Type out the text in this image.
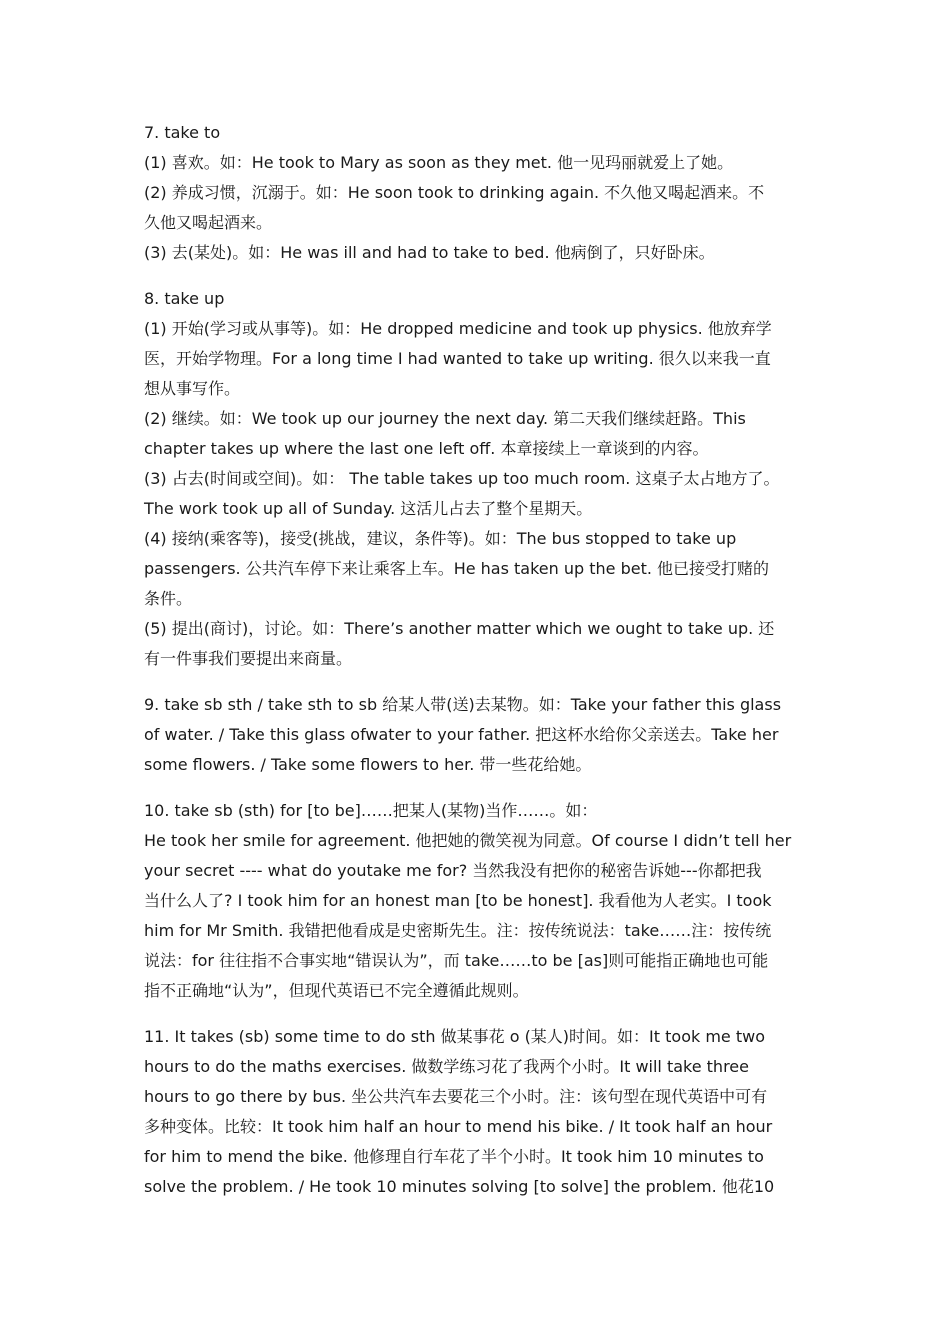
7. take to
(1) 喜欢。如：He took to Mary as soon as they met. 他一见玛丽就爱上了她。
(2) 养成习惯，沉溺于。如：He soon took to drinking again. 不久他又喝起酒来。不
久他又喝起酒来。
(3) 去(某处)。如：He was ill and had to take to bed. 他病倒了，只好卧床。
8. take up
(1) 开始(学习或从事等)。如：He dropped medicine and took up physics. 他放弃学
医，开始学物理。For a long time I had wanted to take up writing. 很久以来我一直
想从事写作。
(2) 继续。如：We took up our journey the next day. 第二天我们继续赶路。This
chapter takes up where the last one left off. 本章接续上一章谈到的内容。
(3) 占去(时间或空间)。如： The table takes up too much room. 这桌子太占地方了。
The work took up all of Sunday. 这活儿占去了整个星期天。
(4) 接纳(乘客等)，接受(挑战，建议，条件等)。如：The bus stopped to take up
passengers. 公共汽车停下来让乘客上车。He has taken up the bet. 他已接受打赌的
条件。
(5) 提出(商讨)，讨论。如：There’s another matter which we ought to take up. 还
有一件事我们要提出来商量。
9. take sb sth / take sth to sb 给某人带(送)去某物。如：Take your father this glass
of water. / Take this glass ofwater to your father. 把这杯水给你父亲送去。Take her
some flowers. / Take some flowers to her. 带一些花给她。
10. take sb (sth) for [to be]……把某人(某物)当作……。如：
He took her smile for agreement. 他把她的微笑视为同意。Of course I didn’t tell her
your secret ---- what do youtake me for? 当然我没有把你的秘密告诉她---你都把我
当什么人了? I took him for an honest man [to be honest]. 我看他为人老实。I took
him for Mr Smith. 我错把他看成是史密斯先生。注：按传统说法：take……注：按传统
说法：for 往往指不合事实地“错误认为”，而 take……to be [as]则可能指正确地也可能
指不正确地“认为”，但现代英语已不完全遵循此规则。
11. It takes (sb) some time to do sth 做某事花 o (某人)时间。如：It took me two
hours to do the maths exercises. 做数学练习花了我两个小时。It will take three
hours to go there by bus. 坐公共汽车去要花三个小时。注：该句型在现代英语中可有
多种变体。比较：It took him half an hour to mend his bike. / It took half an hour
for him to mend the bike. 他修理自行车花了半个小时。It took him 10 minutes to
solve the problem. / He took 10 minutes solving [to solve] the problem. 他花10
